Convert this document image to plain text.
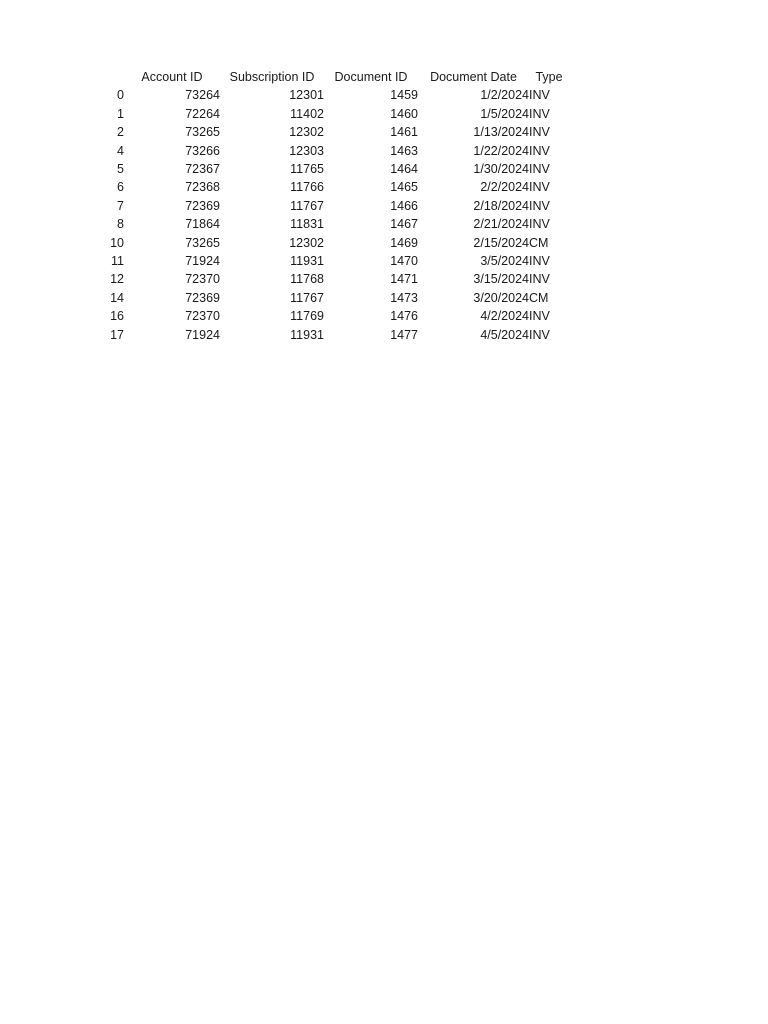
	Account ID	Subscription ID	Document ID	Document Date	Type
0	73264	12301	1459	1/2/2024	INV
1	72264	11402	1460	1/5/2024	INV
2	73265	12302	1461	1/13/2024	INV
4	73266	12303	1463	1/22/2024	INV
5	72367	11765	1464	1/30/2024	INV
6	72368	11766	1465	2/2/2024	INV
7	72369	11767	1466	2/18/2024	INV
8	71864	11831	1467	2/21/2024	INV
10	73265	12302	1469	2/15/2024	CM
11	71924	11931	1470	3/5/2024	INV
12	72370	11768	1471	3/15/2024	INV
14	72369	11767	1473	3/20/2024	CM
16	72370	11769	1476	4/2/2024	INV
17	71924	11931	1477	4/5/2024	INV
